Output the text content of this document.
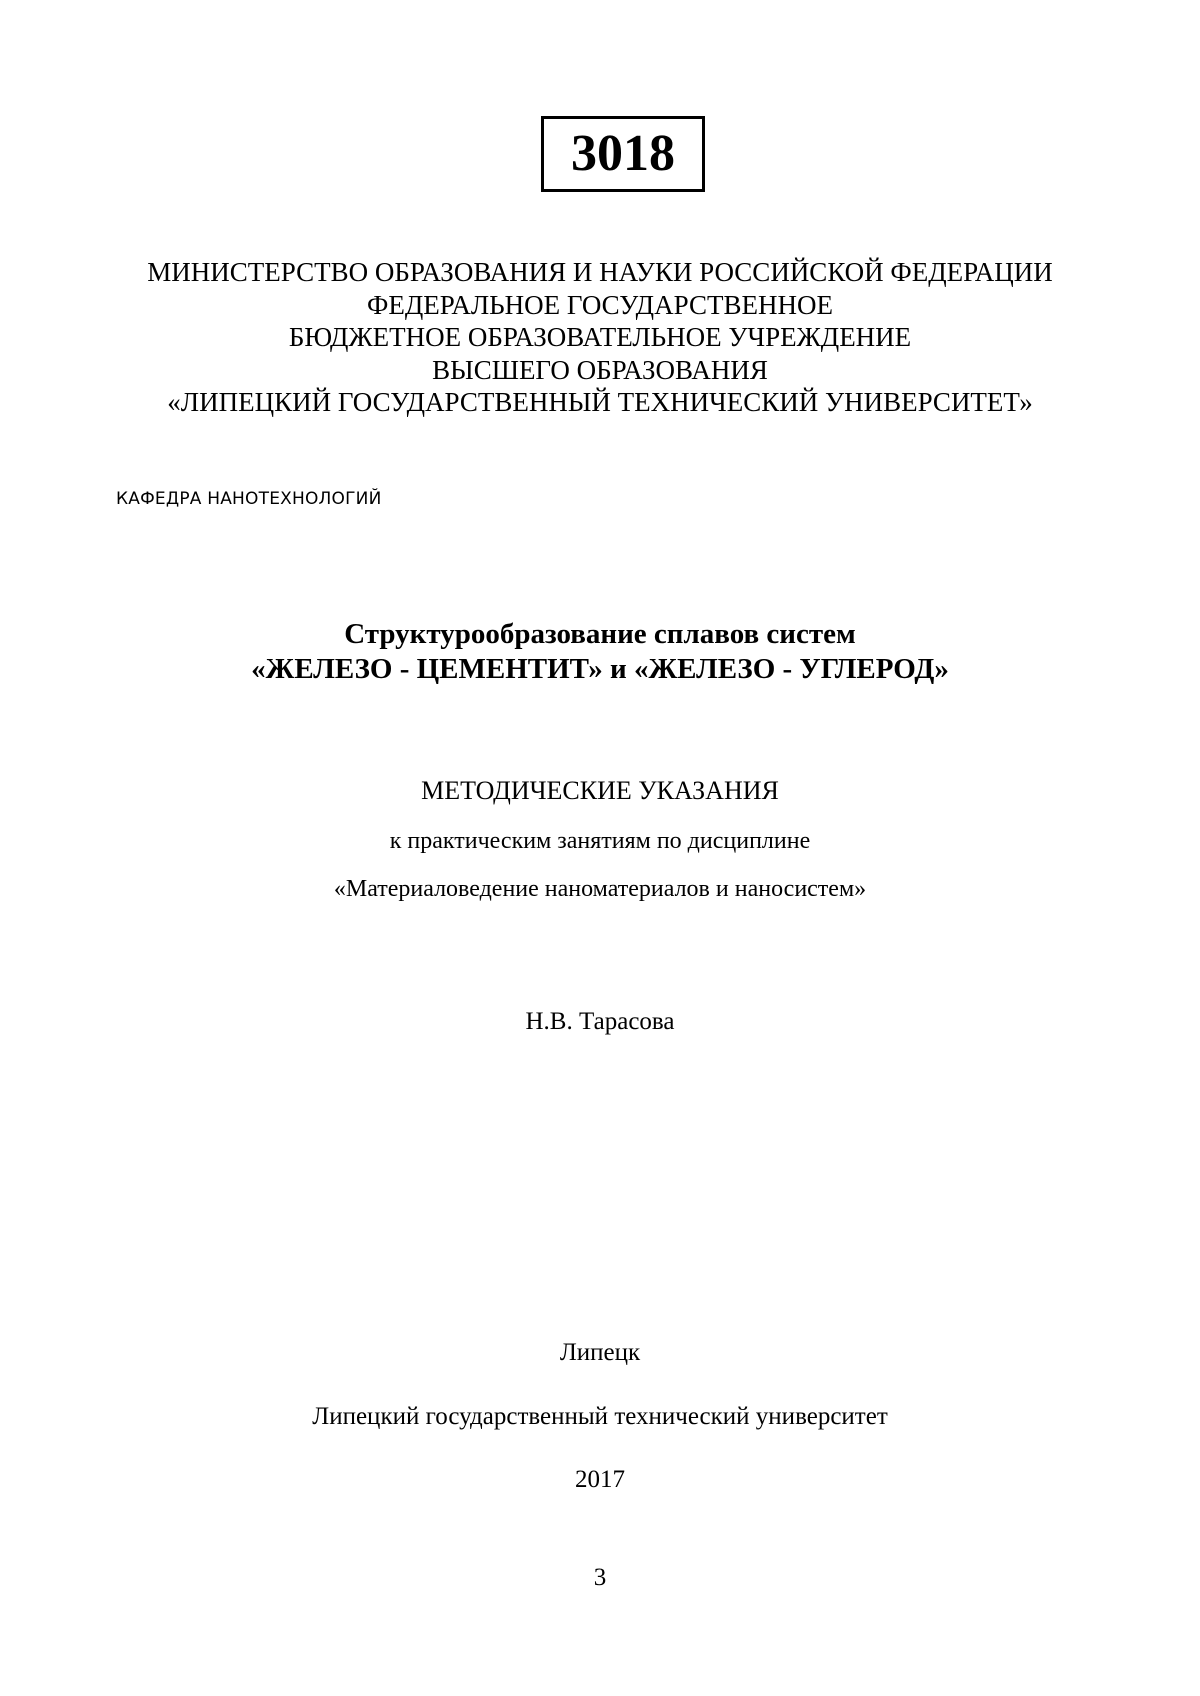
3018
МИНИСТЕРСТВО ОБРАЗОВАНИЯ И НАУКИ РОССИЙСКОЙ ФЕДЕРАЦИИ
ФЕДЕРАЛЬНОЕ ГОСУДАРСТВЕННОЕ
БЮДЖЕТНОЕ ОБРАЗОВАТЕЛЬНОЕ УЧРЕЖДЕНИЕ
ВЫСШЕГО ОБРАЗОВАНИЯ
«ЛИПЕЦКИЙ ГОСУДАРСТВЕННЫЙ ТЕХНИЧЕСКИЙ УНИВЕРСИТЕТ»
КАФЕДРА НАНОТЕХНОЛОГИЙ
Структурообразование сплавов систем
«ЖЕЛЕЗО - ЦЕМЕНТИТ» и «ЖЕЛЕЗО - УГЛЕРОД»
МЕТОДИЧЕСКИЕ УКАЗАНИЯ
к практическим занятиям по дисциплине
«Материаловедение наноматериалов и наносистем»
Н.В. Тарасова
Липецк
Липецкий государственный технический университет
2017
3
